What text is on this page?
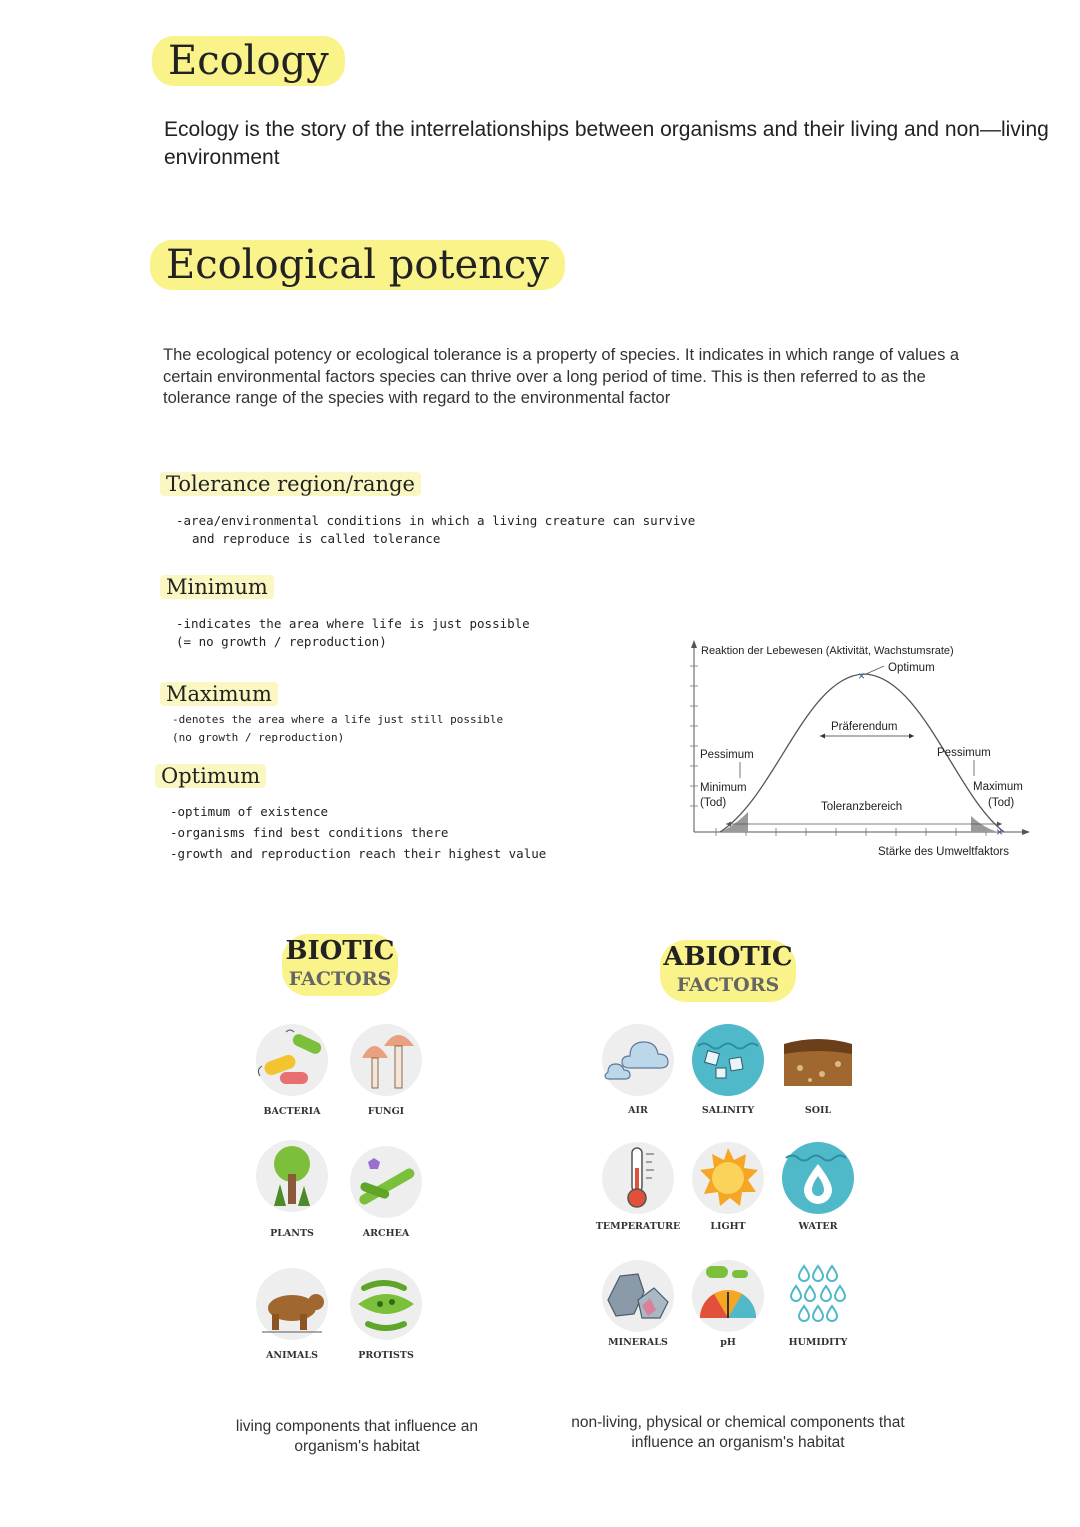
Ecology
Ecology is the story of the interrelationships between organisms and their living and non—living environment
Ecological potency
The ecological potency or ecological tolerance is a property of species. It indicates in which range of values a certain environmental factors species can thrive over a long period of time. This is then referred to as the tolerance range of the species with regard to the environmental factor
Tolerance region/range
-area/environmental conditions in which a living creature can survive
and reproduce is called tolerance
Minimum
-indicates the area where life is just possible
(= no growth / reproduction)
Maximum
-denotes the area where a life just still possible
(no growth / reproduction)
Optimum
-optimum of existence
-organisms find best conditions there
-growth and reproduction reach their highest value
×
Optimum
Reaktion der Lebewesen (Aktivität, Wachstumsrate)
Präferendum
Pessimum
Minimum
(Tod)
Pessimum
Maximum
(Tod)
Toleranzbereich
×
Stärke des Umweltfaktors
BIOTIC
FACTORS
BACTERIA	FUNGI
PLANTS	ARCHEA
ANIMALS	PROTISTS
living components that influence an
organism's habitat
ABIOTIC
FACTORS
AIR	SALINITY	SOIL
TEMPERATURE	LIGHT	WATER
MINERALS	pH	HUMIDITY
non-living, physical or chemical components that
influence an organism's habitat
